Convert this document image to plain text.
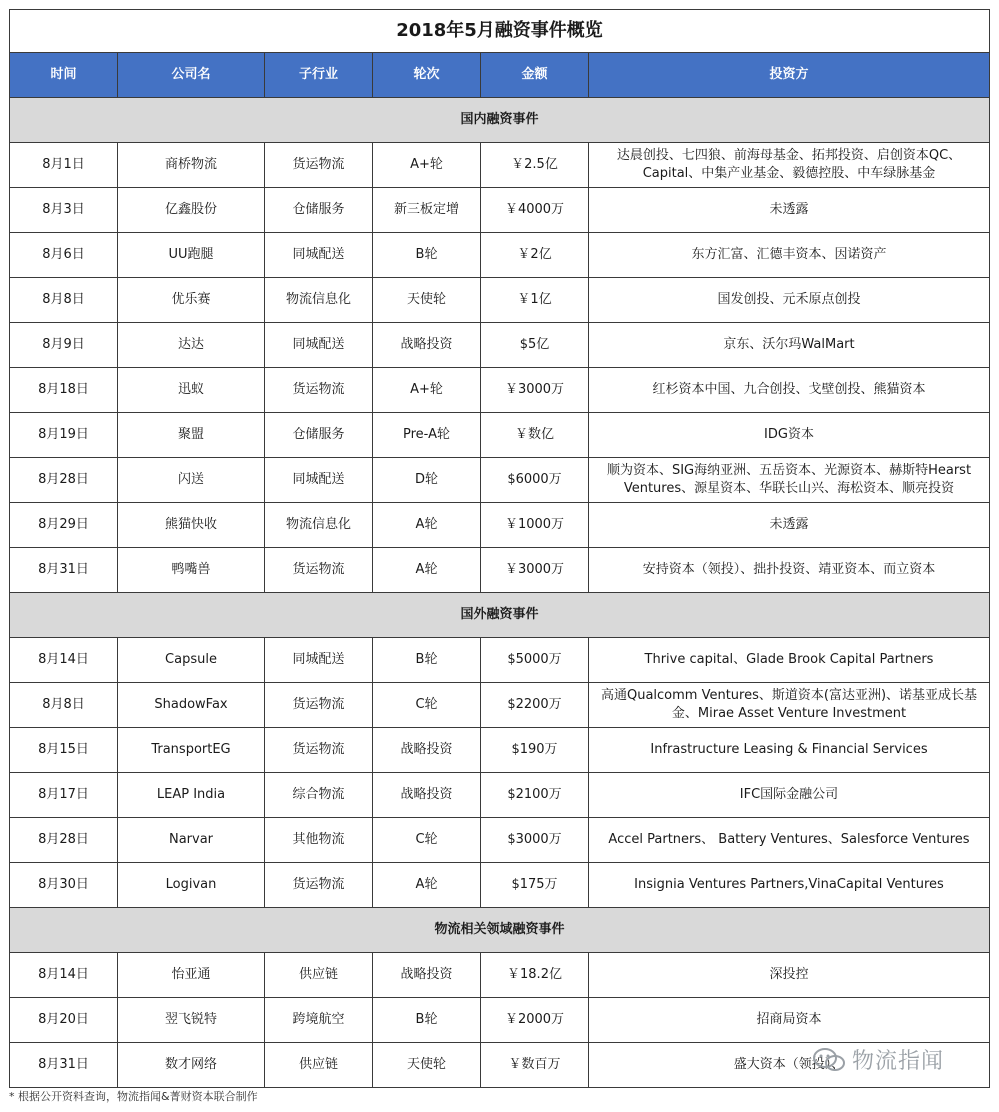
2018年5月融资事件概览					
时间	公司名	子行业	轮次	金额	投资方
国内融资事件					
8月1日	商桥物流	货运物流	A+轮	￥2.5亿	达晨创投、七四狼、前海母基金、拓邦投资、启创资本QC、Capital、中集产业基金、毅德控股、中车绿脉基金
8月3日	亿鑫股份	仓储服务	新三板定增	￥4000万	未透露
8月6日	UU跑腿	同城配送	B轮	￥2亿	东方汇富、汇德丰资本、因诺资产
8月8日	优乐赛	物流信息化	天使轮	￥1亿	国发创投、元禾原点创投
8月9日	达达	同城配送	战略投资	$5亿	京东、沃尔玛WalMart
8月18日	迅蚁	货运物流	A+轮	￥3000万	红杉资本中国、九合创投、戈壁创投、熊猫资本
8月19日	聚盟	仓储服务	Pre-A轮	￥数亿	IDG资本
8月28日	闪送	同城配送	D轮	$6000万	顺为资本、SIG海纳亚洲、五岳资本、光源资本、赫斯特Hearst Ventures、源星资本、华联长山兴、海松资本、顺亮投资
8月29日	熊猫快收	物流信息化	A轮	￥1000万	未透露
8月31日	鸭嘴兽	货运物流	A轮	￥3000万	安持资本（领投）、拙扑投资、靖亚资本、而立资本
国外融资事件					
8月14日	Capsule	同城配送	B轮	$5000万	Thrive capital、Glade Brook Capital Partners
8月8日	ShadowFax	货运物流	C轮	$2200万	高通Qualcomm Ventures、斯道资本(富达亚洲)、诺基亚成长基金、Mirae Asset Venture Investment
8月15日	TransportEG	货运物流	战略投资	$190万	Infrastructure Leasing & Financial Services
8月17日	LEAP India	综合物流	战略投资	$2100万	IFC国际金融公司
8月28日	Narvar	其他物流	C轮	$3000万	Accel Partners、 Battery Ventures、Salesforce Ventures
8月30日	Logivan	货运物流	A轮	$175万	Insignia Ventures Partners,VinaCapital Ventures
物流相关领域融资事件					
8月14日	怡亚通	供应链	战略投资	￥18.2亿	深投控
8月20日	翌飞锐特	跨境航空	B轮	￥2000万	招商局资本
8月31日	数才网络	供应链	天使轮	￥数百万	盛大资本（领投）、 物流指闻
* 根据公开资料查询，物流指闻&菁财资本联合制作
